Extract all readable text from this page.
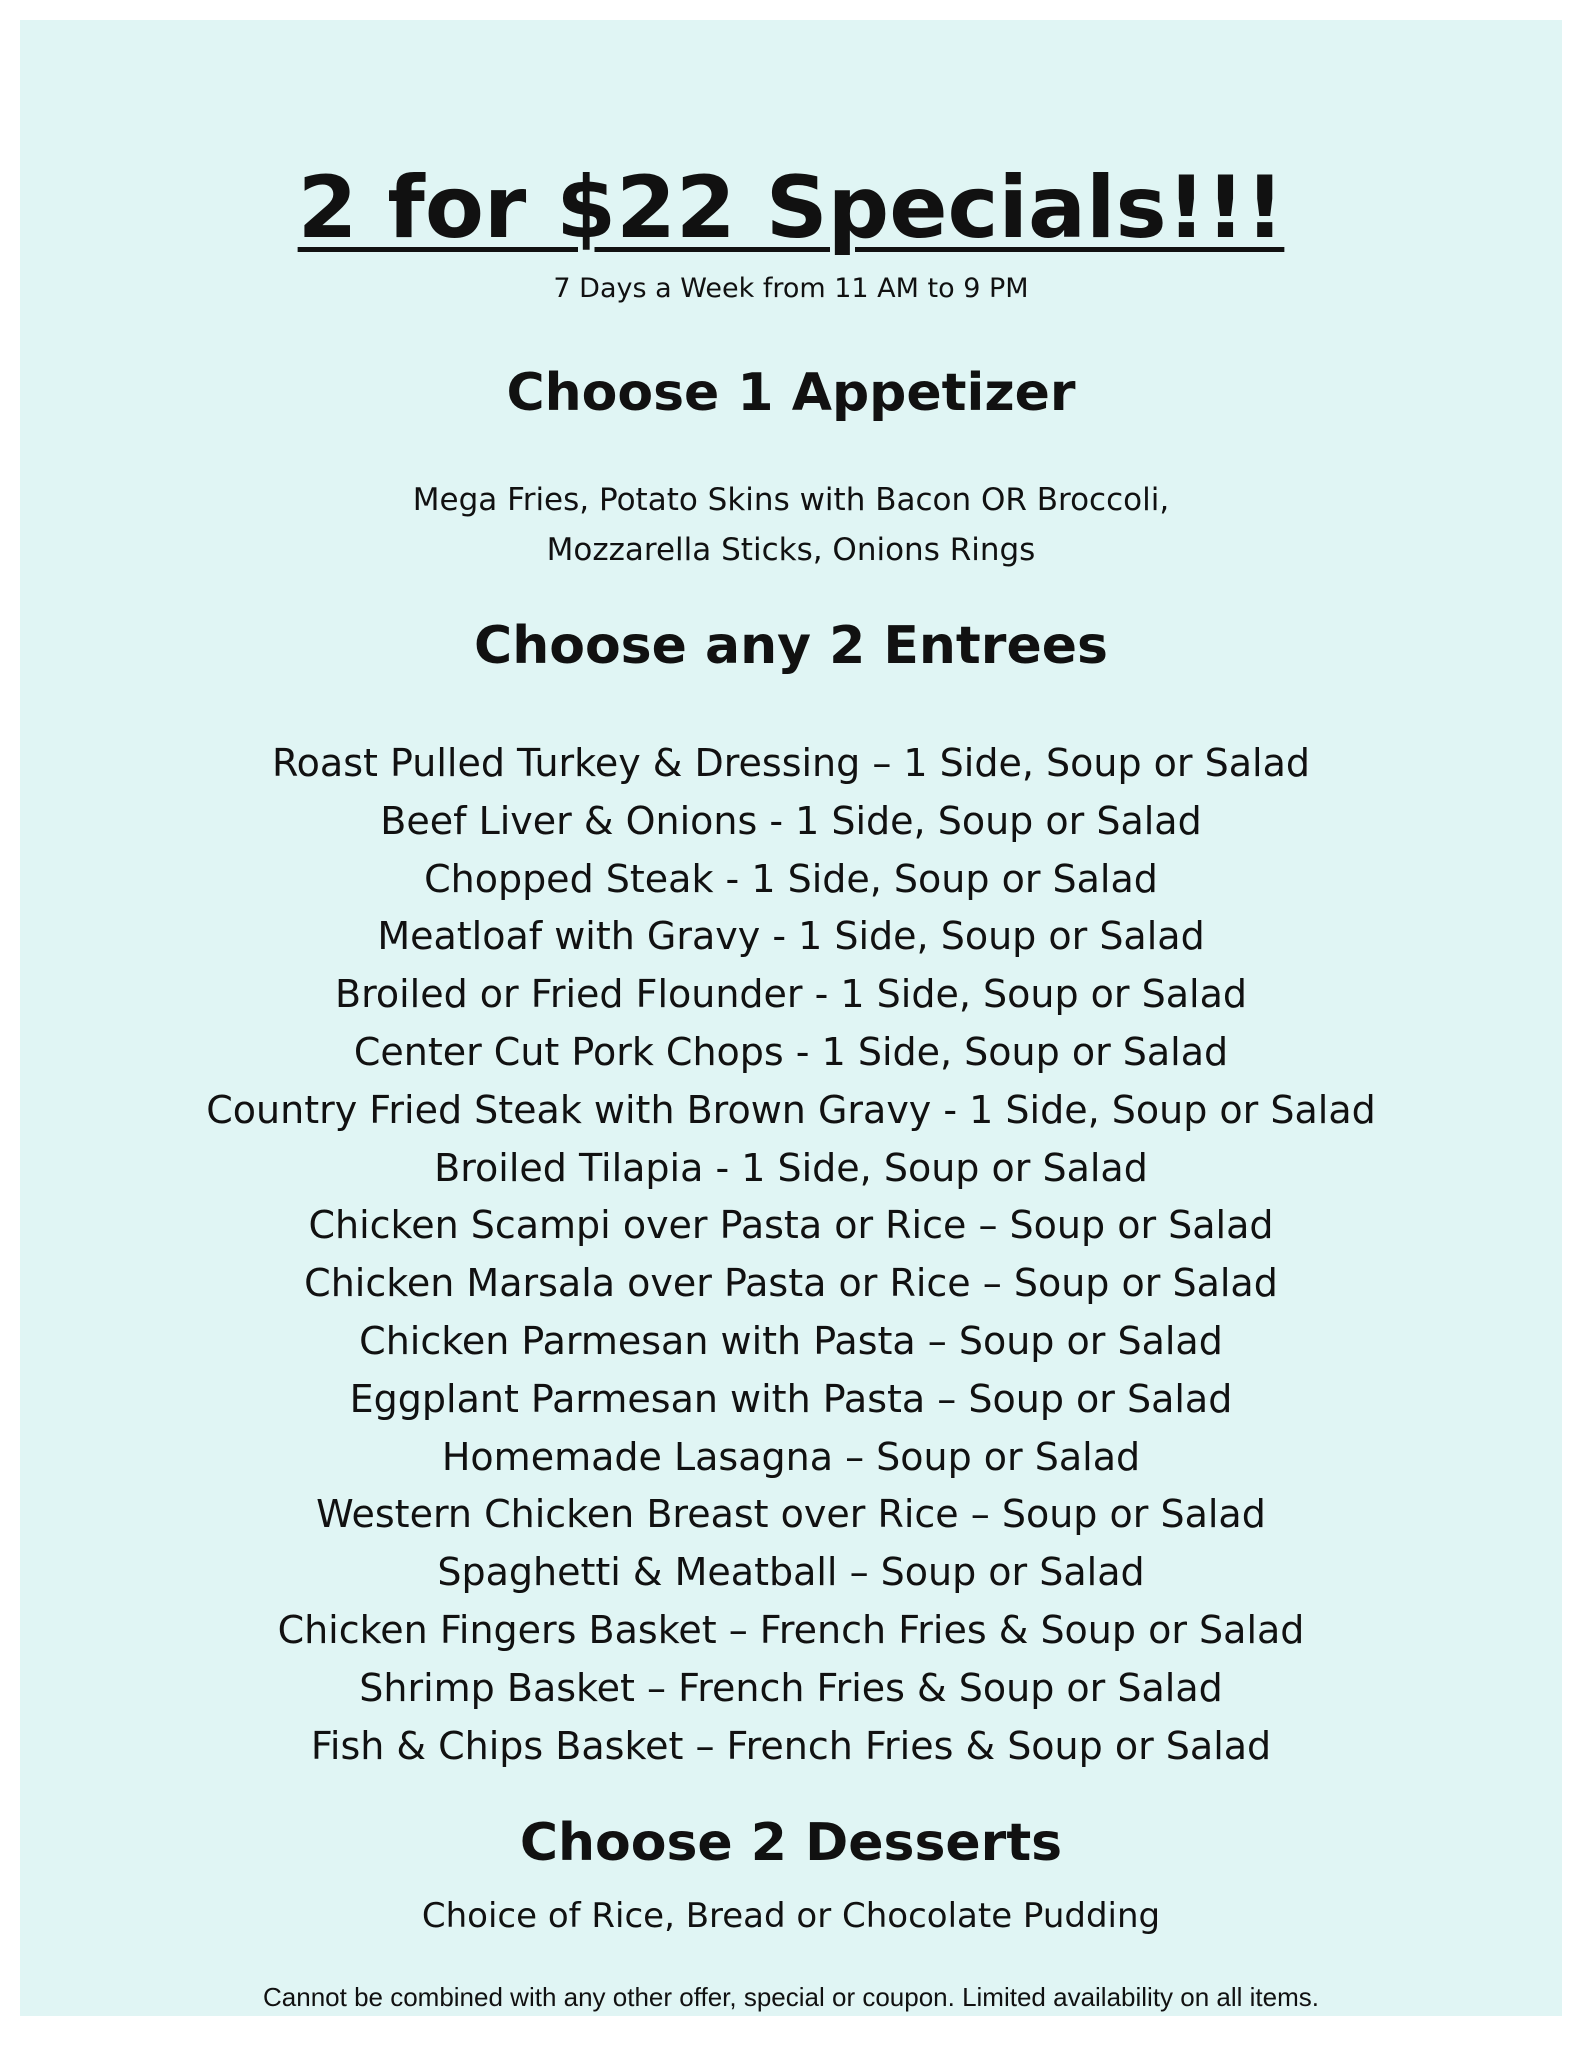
2 for $22 Specials!!!

7 Days a Week from 11 AM to 9 PM

Choose 1 Appetizer
Mega Fries, Potato Skins with Bacon OR Broccoli,
Mozzarella Sticks, Onions Rings
Choose any 2 Entrees
Roast Pulled Turkey & Dressing – 1 Side, Soup or Salad
Beef Liver & Onions - 1 Side, Soup or Salad
Chopped Steak - 1 Side, Soup or Salad
Meatloaf with Gravy - 1 Side, Soup or Salad
Broiled or Fried Flounder - 1 Side, Soup or Salad
Center Cut Pork Chops - 1 Side, Soup or Salad
Country Fried Steak with Brown Gravy - 1 Side, Soup or Salad
Broiled Tilapia - 1 Side, Soup or Salad
Chicken Scampi over Pasta or Rice – Soup or Salad
Chicken Marsala over Pasta or Rice – Soup or Salad
Chicken Parmesan with Pasta – Soup or Salad
Eggplant Parmesan with Pasta – Soup or Salad
Homemade Lasagna – Soup or Salad
Western Chicken Breast over Rice – Soup or Salad
Spaghetti & Meatball – Soup or Salad
Chicken Fingers Basket – French Fries & Soup or Salad
Shrimp Basket – French Fries & Soup or Salad
Fish & Chips Basket – French Fries & Soup or Salad
Choose 2 Desserts

Choice of Rice, Bread or Chocolate Pudding

Cannot be combined with any other offer, special or coupon. Limited availability on all items.
